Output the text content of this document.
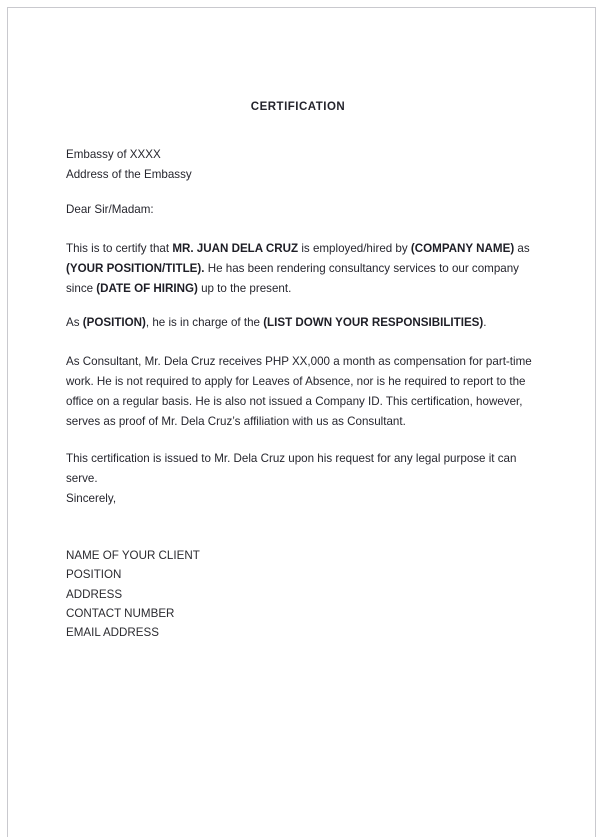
CERTIFICATION
Embassy of XXXX
Address of the Embassy
Dear Sir/Madam:
This is to certify that MR. JUAN DELA CRUZ is employed/hired by (COMPANY NAME) as (YOUR POSITION/TITLE). He has been rendering consultancy services to our company since (DATE OF HIRING) up to the present.
As (POSITION), he is in charge of the (LIST DOWN YOUR RESPONSIBILITIES).
As Consultant, Mr. Dela Cruz receives PHP XX,000 a month as compensation for part-time work. He is not required to apply for Leaves of Absence, nor is he required to report to the office on a regular basis. He is also not issued a Company ID. This certification, however, serves as proof of Mr. Dela Cruz’s affiliation with us as Consultant.
This certification is issued to Mr. Dela Cruz upon his request for any legal purpose it can serve.
Sincerely,
NAME OF YOUR CLIENT
POSITION
ADDRESS
CONTACT NUMBER
EMAIL ADDRESS
